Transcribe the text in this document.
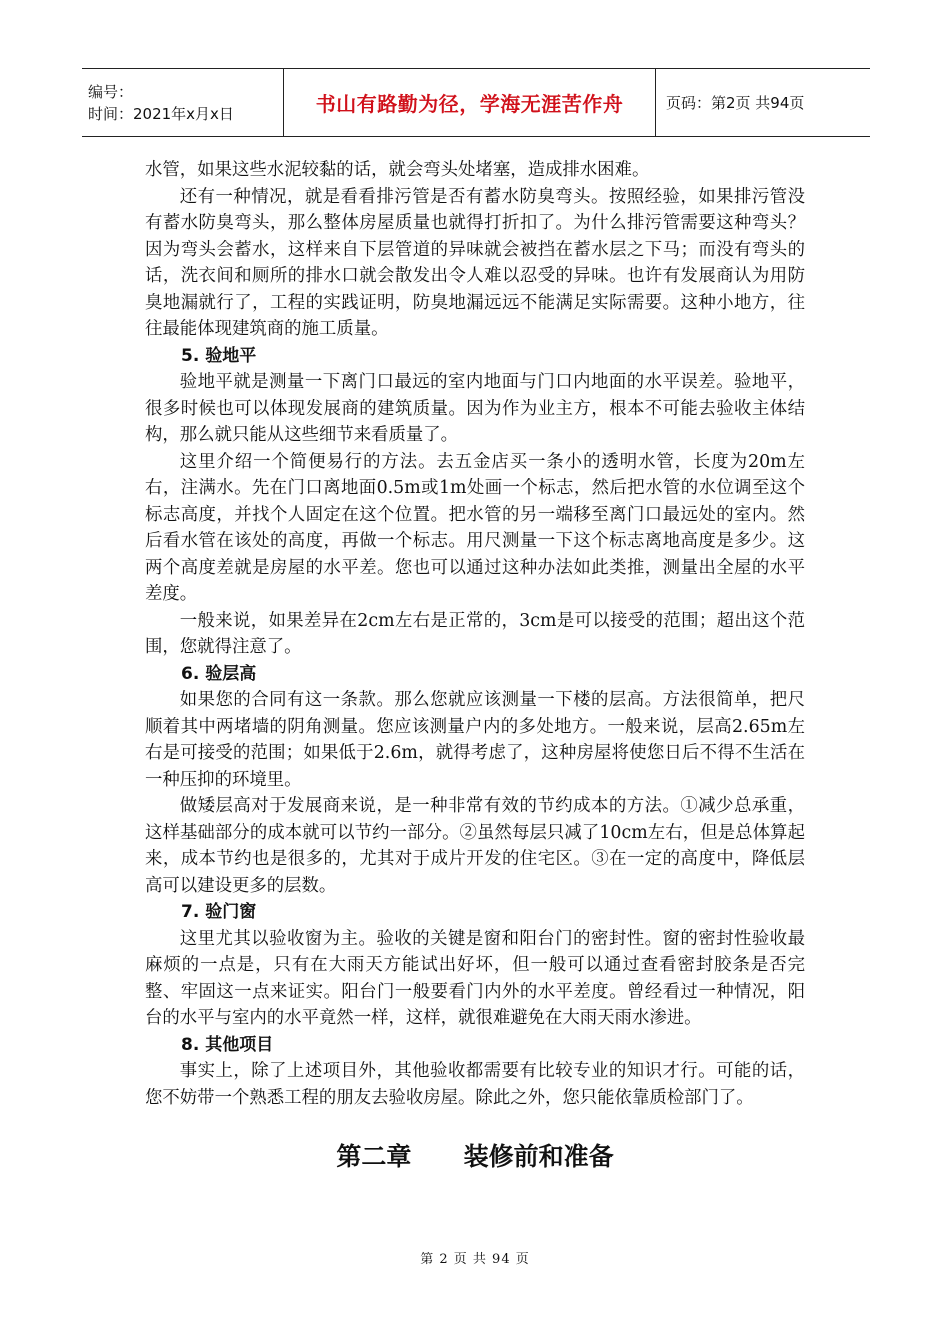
编号：
时间：2021年x月x日	书山有路勤为径，学海无涯苦作舟	页码：第2页 共94页

水管，如果这些水泥较黏的话，就会弯头处堵塞，造成排水困难。

还有一种情况，就是看看排污管是否有蓄水防臭弯头。按照经验，如果排污管没有蓄水防臭弯头，那么整体房屋质量也就得打折扣了。为什么排污管需要这种弯头？因为弯头会蓄水，这样来自下层管道的异味就会被挡在蓄水层之下马；而没有弯头的话，洗衣间和厕所的排水口就会散发出令人难以忍受的异味。也许有发展商认为用防臭地漏就行了，工程的实践证明，防臭地漏远远不能满足实际需要。这种小地方，往往最能体现建筑商的施工质量。

5. 验地平

验地平就是测量一下离门口最远的室内地面与门口内地面的水平误差。验地平，很多时候也可以体现发展商的建筑质量。因为作为业主方，根本不可能去验收主体结构，那么就只能从这些细节来看质量了。

这里介绍一个简便易行的方法。去五金店买一条小的透明水管，长度为20m左右，注满水。先在门口离地面0.5m或1m处画一个标志，然后把水管的水位调至这个标志高度，并找个人固定在这个位置。把水管的另一端移至离门口最远处的室内。然后看水管在该处的高度，再做一个标志。用尺测量一下这个标志离地高度是多少。这两个高度差就是房屋的水平差。您也可以通过这种办法如此类推，测量出全屋的水平差度。

一般来说，如果差异在2cm左右是正常的，3cm是可以接受的范围；超出这个范围，您就得注意了。

6. 验层高

如果您的合同有这一条款。那么您就应该测量一下楼的层高。方法很简单，把尺顺着其中两堵墙的阴角测量。您应该测量户内的多处地方。一般来说，层高2.65m左右是可接受的范围；如果低于2.6m，就得考虑了，这种房屋将使您日后不得不生活在一种压抑的环境里。

做矮层高对于发展商来说，是一种非常有效的节约成本的方法。①减少总承重，这样基础部分的成本就可以节约一部分。②虽然每层只减了10cm左右，但是总体算起来，成本节约也是很多的，尤其对于成片开发的住宅区。③在一定的高度中，降低层高可以建设更多的层数。

7. 验门窗

这里尤其以验收窗为主。验收的关键是窗和阳台门的密封性。窗的密封性验收最麻烦的一点是，只有在大雨天方能试出好坏，但一般可以通过查看密封胶条是否完整、牢固这一点来证实。阳台门一般要看门内外的水平差度。曾经看过一种情况，阳台的水平与室内的水平竟然一样，这样，就很难避免在大雨天雨水渗进。

8. 其他项目

事实上，除了上述项目外，其他验收都需要有比较专业的知识才行。可能的话，您不妨带一个熟悉工程的朋友去验收房屋。除此之外，您只能依靠质检部门了。

第二章      装修前和准备
第 2 页 共 94 页
